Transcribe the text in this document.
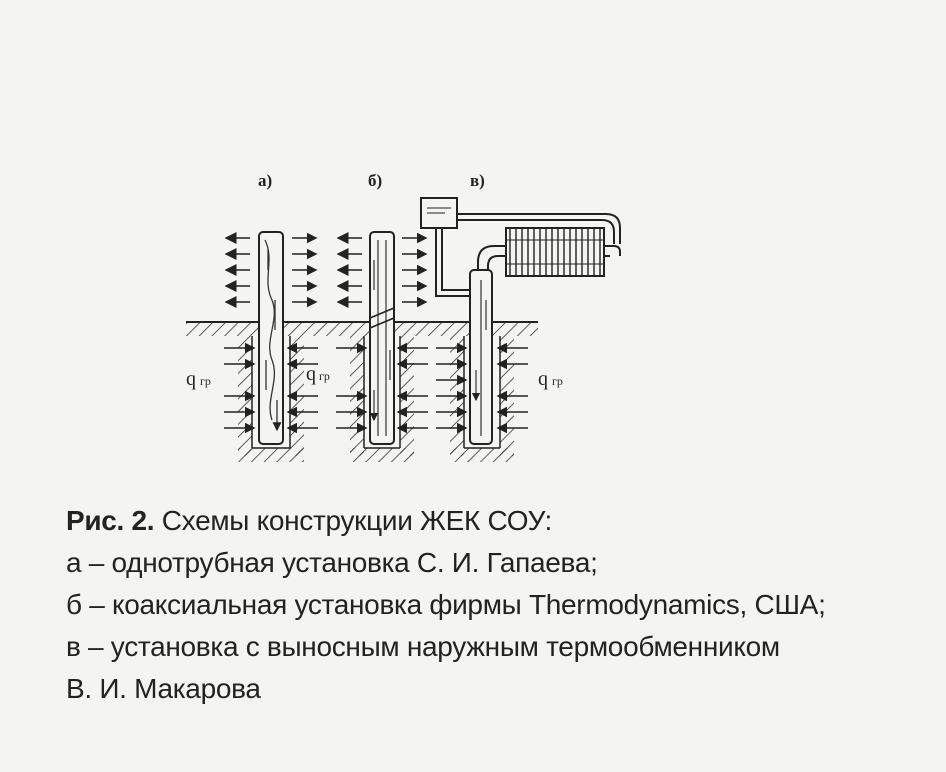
а)	б)	в)
q гр	q гр	q гр
Рис. 2. Схемы конструкции ЖЕК СОУ:
а – однотрубная установка С. И. Гапаева;
б – коаксиальная установка фирмы Thermodynamics, США;
в – установка с выносным наружным термообменником
В. И. Макарова
